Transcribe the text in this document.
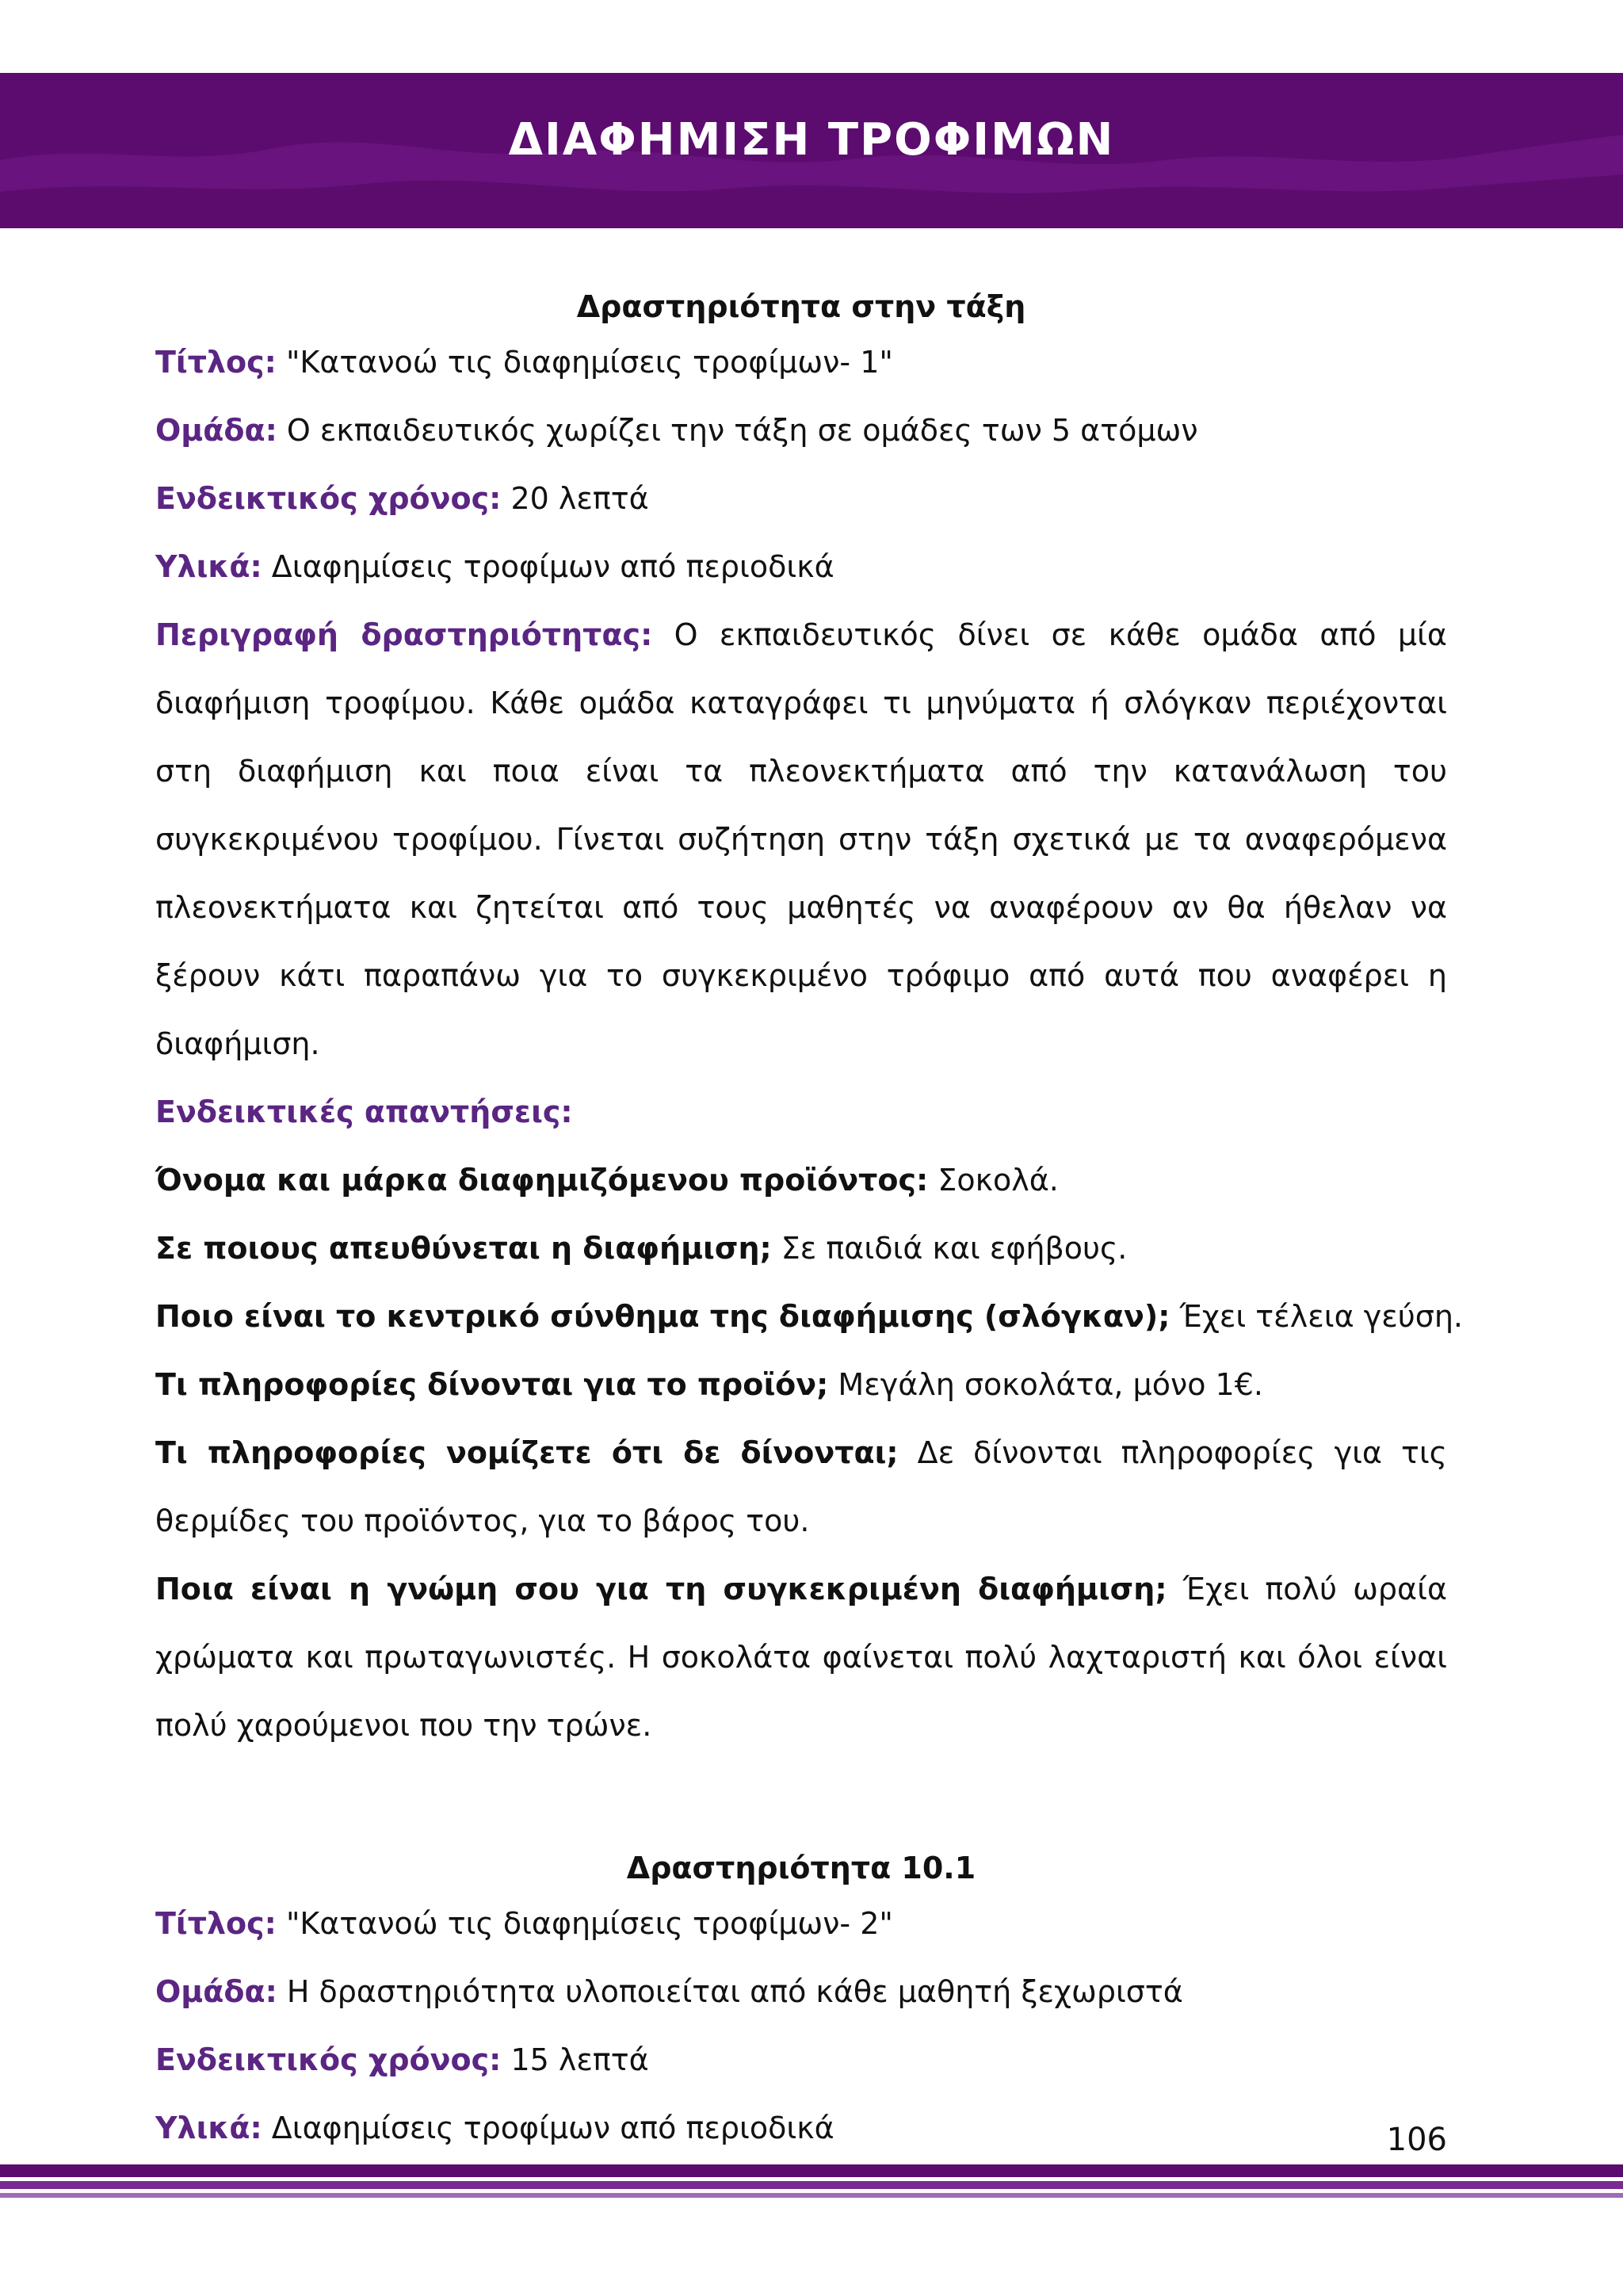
ΔΙΑΦΗΜΙΣΗ ΤΡΟΦΙΜΩΝ

Δραστηριότητα στην τάξη

Τίτλος: "Κατανοώ τις διαφημίσεις τροφίμων- 1"

Ομάδα: Ο εκπαιδευτικός χωρίζει την τάξη σε ομάδες των 5 ατόμων

Ενδεικτικός χρόνος: 20 λεπτά

Υλικά: Διαφημίσεις τροφίμων από περιοδικά

Περιγραφή δραστηριότητας: Ο εκπαιδευτικός δίνει σε κάθε ομάδα από μία διαφήμιση τροφίμου. Κάθε ομάδα καταγράφει τι μηνύματα ή σλόγκαν περιέχονται στη διαφήμιση και ποια είναι τα πλεονεκτήματα από την κατανάλωση του συγκεκριμένου τροφίμου. Γίνεται συζήτηση στην τάξη σχετικά με τα αναφερόμενα πλεονεκτήματα και ζητείται από τους μαθητές να αναφέρουν αν θα ήθελαν να ξέρουν κάτι παραπάνω για το συγκεκριμένο τρόφιμο από αυτά που αναφέρει η διαφήμιση.

Ενδεικτικές απαντήσεις:

Όνομα και μάρκα διαφημιζόμενου προϊόντος: Σοκολά.

Σε ποιους απευθύνεται η διαφήμιση; Σε παιδιά και εφήβους.

Ποιο είναι το κεντρικό σύνθημα της διαφήμισης (σλόγκαν); Έχει τέλεια γεύση.

Τι πληροφορίες δίνονται για το προϊόν; Μεγάλη σοκολάτα, μόνο 1€.

Τι πληροφορίες νομίζετε ότι δε δίνονται; Δε δίνονται πληροφορίες για τις θερμίδες του προϊόντος, για το βάρος του.

Ποια είναι η γνώμη σου για τη συγκεκριμένη διαφήμιση; Έχει πολύ ωραία χρώματα και πρωταγωνιστές. Η σοκολάτα φαίνεται πολύ λαχταριστή και όλοι είναι πολύ χαρούμενοι που την τρώνε.

Δραστηριότητα 10.1

Τίτλος: "Κατανοώ τις διαφημίσεις τροφίμων- 2"

Ομάδα: Η δραστηριότητα υλοποιείται από κάθε μαθητή ξεχωριστά

Ενδεικτικός χρόνος: 15 λεπτά

Υλικά: Διαφημίσεις τροφίμων από περιοδικά	106
